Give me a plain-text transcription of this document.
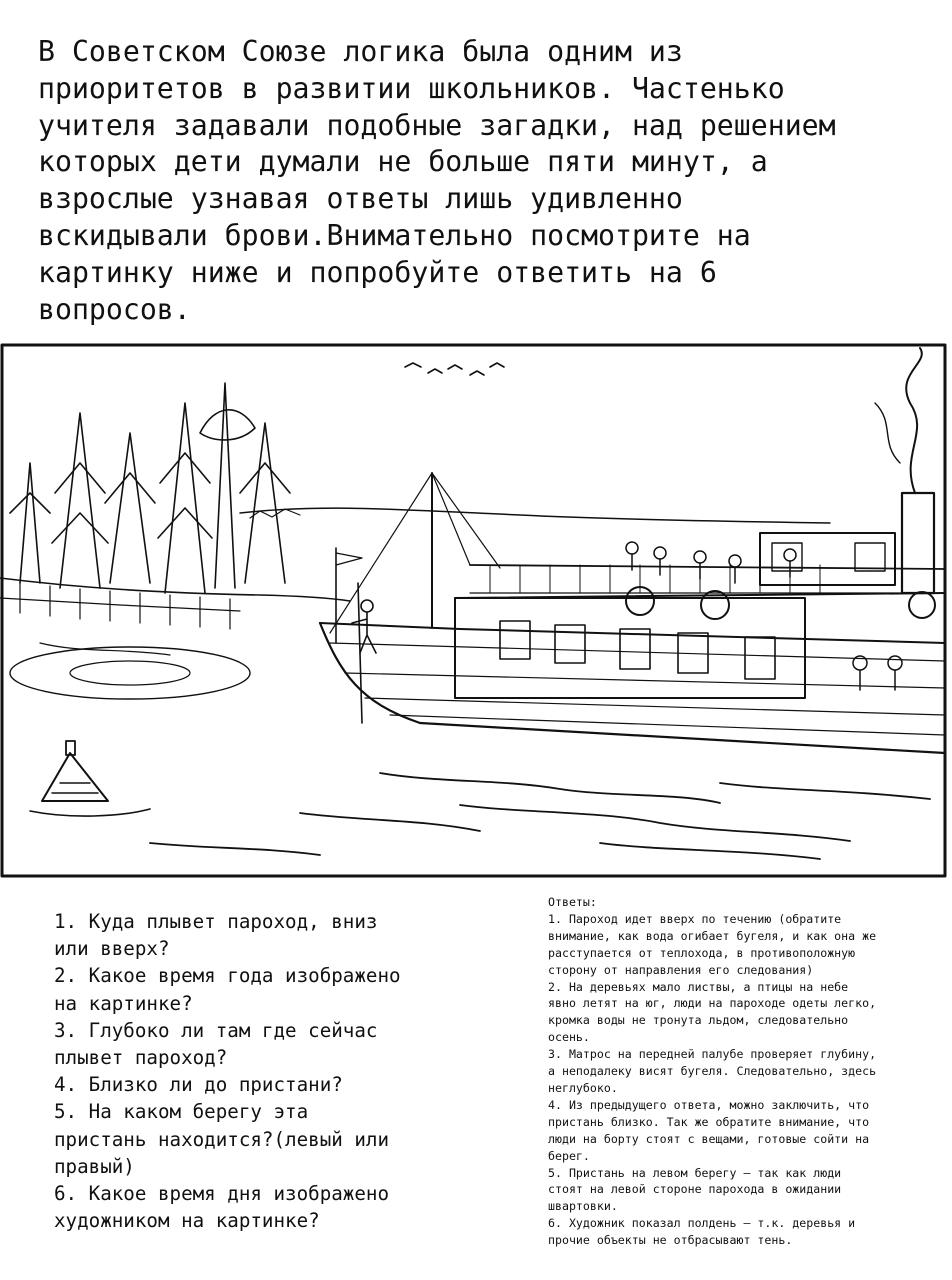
В Советском Союзе логика была одним из
приоритетов в развитии школьников. Частенько
учителя задавали подобные загадки, над решением
которых дети думали не больше пяти минут, а
взрослые узнавая ответы лишь удивленно
вскидывали брови.Внимательно посмотрите на
картинку ниже и попробуйте ответить на 6
вопросов.

1. Куда плывет пароход, вниз
или вверх?

2. Какое время года изображено
на картинке?

3. Глубоко ли там где сейчас
плывет пароход?

4. Близко ли до пристани?

5. На каком берегу эта
пристань находится?(левый или
правый)

6. Какое время дня изображено
художником на картинке?

Ответы:

1. Пароход идет вверх по течению (обратите
внимание, как вода огибает бугеля, и как она же
расступается от теплохода, в противоположную
сторону от направления его следования)

2. На деревьях мало листвы, а птицы на небе
явно летят на юг, люди на пароходе одеты легко,
кромка воды не тронута льдом, следовательно
осень.

3. Матрос на передней палубе проверяет глубину,
а неподалеку висят бугеля. Следовательно, здесь
неглубоко.

4. Из предыдущего ответа, можно заключить, что
пристань близко. Так же обратите внимание, что
люди на борту стоят с вещами, готовые сойти на
берег.

5. Пристань на левом берегу — так как люди
стоят на левой стороне парохода в ожидании
швартовки.

6. Художник показал полдень — т.к. деревья и
прочие объекты не отбрасывают тень.
